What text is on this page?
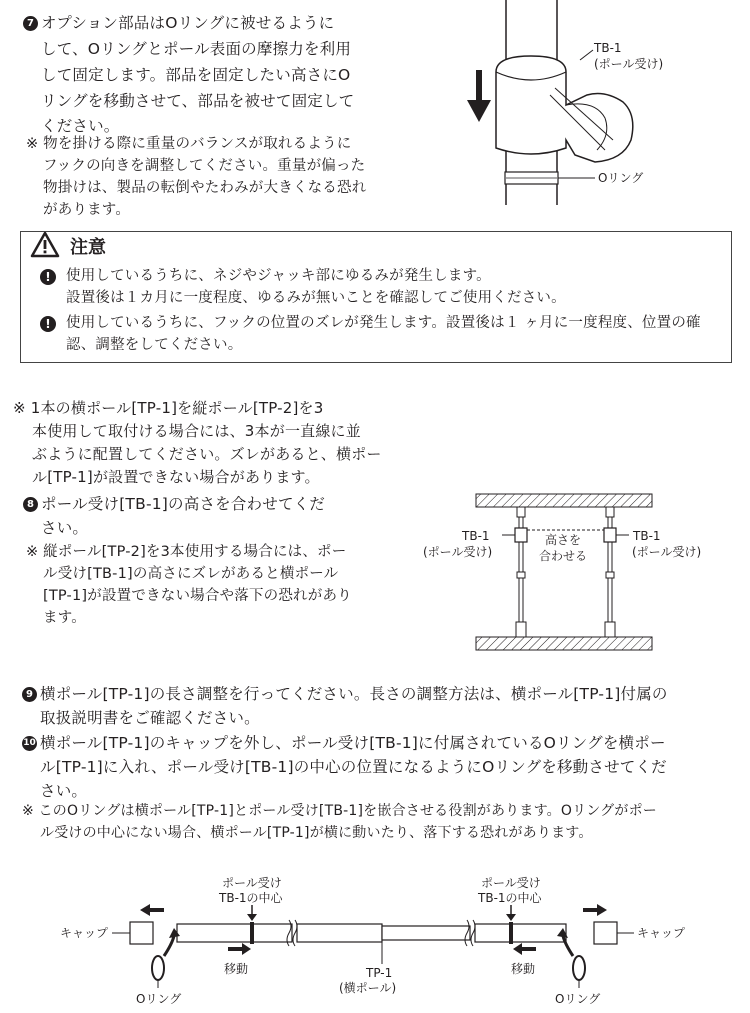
7 オプション部品はOリングに被せるように
して、Oリングとポール表面の摩擦力を利用
して固定します。部品を固定したい高さにO
リングを移動させて、部品を被せて固定して
ください。
※ 物を掛ける際に重量のバランスが取れるように
フックの向きを調整してください。重量が偏った
物掛けは、製品の転倒やたわみが大きくなる恐れ
があります。
TB-1
(ポール受け)
Oリング
注意
!	使用しているうちに、ネジやジャッキ部にゆるみが発生します。
設置後は１カ月に一度程度、ゆるみが無いことを確認してご使用ください。
!	使用しているうちに、フックの位置のズレが発生します。設置後は１ ヶ月に一度程度、位置の確
認、調整をしてください。
※ 1本の横ポール[TP-1]を縦ポール[TP-2]を3
本使用して取付ける場合には、3本が一直線に並
ぶように配置してください。ズレがあると、横ポー
ル[TP-1]が設置できない場合があります。
8 ポール受け[TB-1]の高さを合わせてくだ
さい。
※ 縦ポール[TP-2]を3本使用する場合には、ポー
ル受け[TB-1]の高さにズレがあると横ポール
[TP-1]が設置できない場合や落下の恐れがあり
ます。
TB-1
(ポール受け)
TB-1
(ポール受け)
高さを
合わせる
9 横ポール[TP-1]の長さ調整を行ってください。長さの調整方法は、横ポール[TP-1]付属の
取扱説明書をご確認ください。
10 横ポール[TP-1]のキャップを外し、ポール受け[TB-1]に付属されているOリングを横ポー
ル[TP-1]に入れ、ポール受け[TB-1]の中心の位置になるようにOリングを移動させてくだ
さい。
※ このOリングは横ポール[TP-1]とポール受け[TB-1]を嵌合させる役割があります。Oリングがポー
ル受けの中心にない場合、横ポール[TP-1]が横に動いたり、落下する恐れがあります。
ポール受け
TB-1の中心
ポール受け
TB-1の中心
キャップ	キャップ
移動	移動
TP-1
(横ポール)
Oリング	Oリング
